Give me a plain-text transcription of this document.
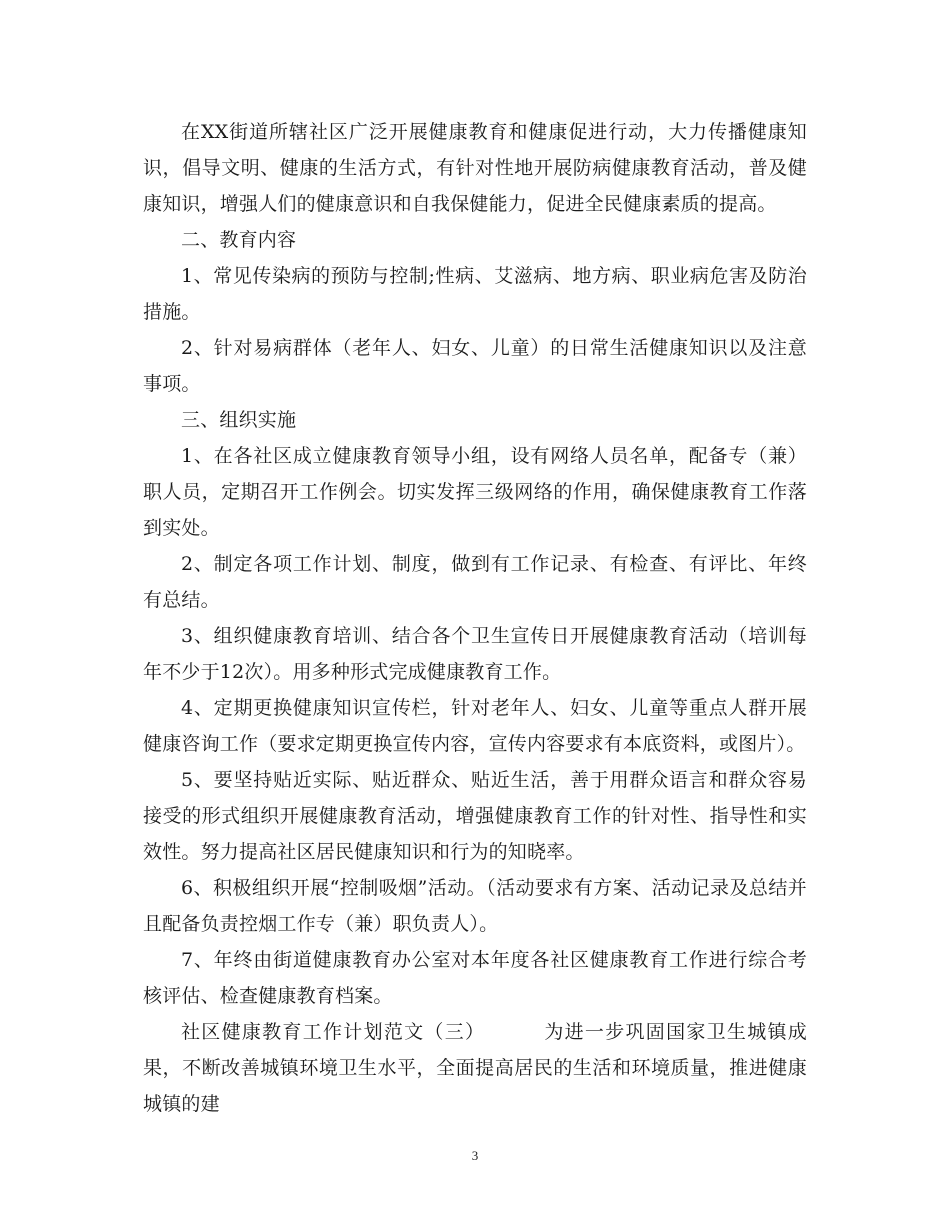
在XX街道所辖社区广泛开展健康教育和健康促进行动，大力传播健康知识，倡导文明、健康的生活方式，有针对性地开展防病健康教育活动，普及健康知识，增强人们的健康意识和自我保健能力，促进全民健康素质的提高。

二、教育内容

1、常见传染病的预防与控制;性病、艾滋病、地方病、职业病危害及防治措施。

2、针对易病群体（老年人、妇女、儿童）的日常生活健康知识以及注意事项。

三、组织实施

1、在各社区成立健康教育领导小组，设有网络人员名单，配备专（兼）职人员，定期召开工作例会。切实发挥三级网络的作用，确保健康教育工作落到实处。

2、制定各项工作计划、制度，做到有工作记录、有检查、有评比、年终有总结。

3、组织健康教育培训、结合各个卫生宣传日开展健康教育活动（培训每年不少于12次）。用多种形式完成健康教育工作。

4、定期更换健康知识宣传栏，针对老年人、妇女、儿童等重点人群开展健康咨询工作（要求定期更换宣传内容，宣传内容要求有本底资料，或图片）。

5、要坚持贴近实际、贴近群众、贴近生活，善于用群众语言和群众容易接受的形式组织开展健康教育活动，增强健康教育工作的针对性、指导性和实效性。努力提高社区居民健康知识和行为的知晓率。

6、积极组织开展“控制吸烟”活动。（活动要求有方案、活动记录及总结并且配备负责控烟工作专（兼）职负责人）。

7、年终由街道健康教育办公室对本年度各社区健康教育工作进行综合考核评估、检查健康教育档案。

社区健康教育工作计划范文（三）	为进一步巩固国家卫生城镇成果，不断改善城镇环境卫生水平，全面提高居民的生活和环境质量，推进健康城镇的建

3
